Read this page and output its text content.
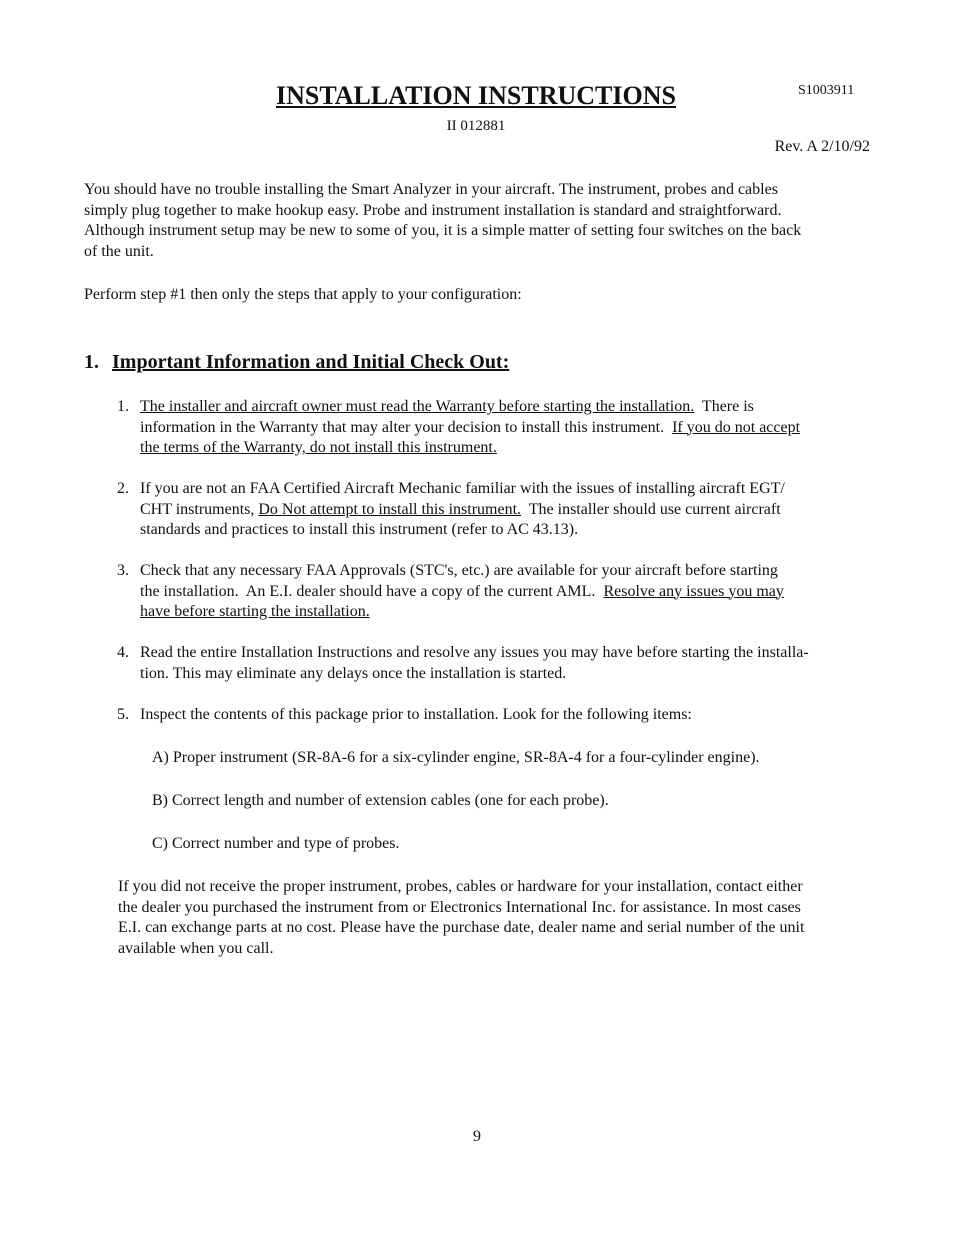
INSTALLATION INSTRUCTIONS	S1003911
II 012881
Rev. A 2/10/92
You should have no trouble installing the Smart Analyzer in your aircraft. The instrument, probes and cables
simply plug together to make hookup easy. Probe and instrument installation is standard and straightforward.
Although instrument setup may be new to some of you, it is a simple matter of setting four switches on the back
of the unit.
Perform step #1 then only the steps that apply to your configuration:
1. Important Information and Initial Check Out:
1. The installer and aircraft owner must read the Warranty before starting the installation.  There is
information in the Warranty that may alter your decision to install this instrument.  If you do not accept
the terms of the Warranty, do not install this instrument.
2. If you are not an FAA Certified Aircraft Mechanic familiar with the issues of installing aircraft EGT/
CHT instruments, Do Not attempt to install this instrument.  The installer should use current aircraft
standards and practices to install this instrument (refer to AC 43.13).
3. Check that any necessary FAA Approvals (STC's, etc.) are available for your aircraft before starting
the installation.  An E.I. dealer should have a copy of the current AML.  Resolve any issues you may
have before starting the installation.
4. Read the entire Installation Instructions and resolve any issues you may have before starting the installa-
tion. This may eliminate any delays once the installation is started.
5. Inspect the contents of this package prior to installation. Look for the following items:
A) Proper instrument (SR-8A-6 for a six-cylinder engine, SR-8A-4 for a four-cylinder engine).
B) Correct length and number of extension cables (one for each probe).
C) Correct number and type of probes.
If you did not receive the proper instrument, probes, cables or hardware for your installation, contact either
the dealer you purchased the instrument from or Electronics International Inc. for assistance. In most cases
E.I. can exchange parts at no cost. Please have the purchase date, dealer name and serial number of the unit
available when you call.
9
